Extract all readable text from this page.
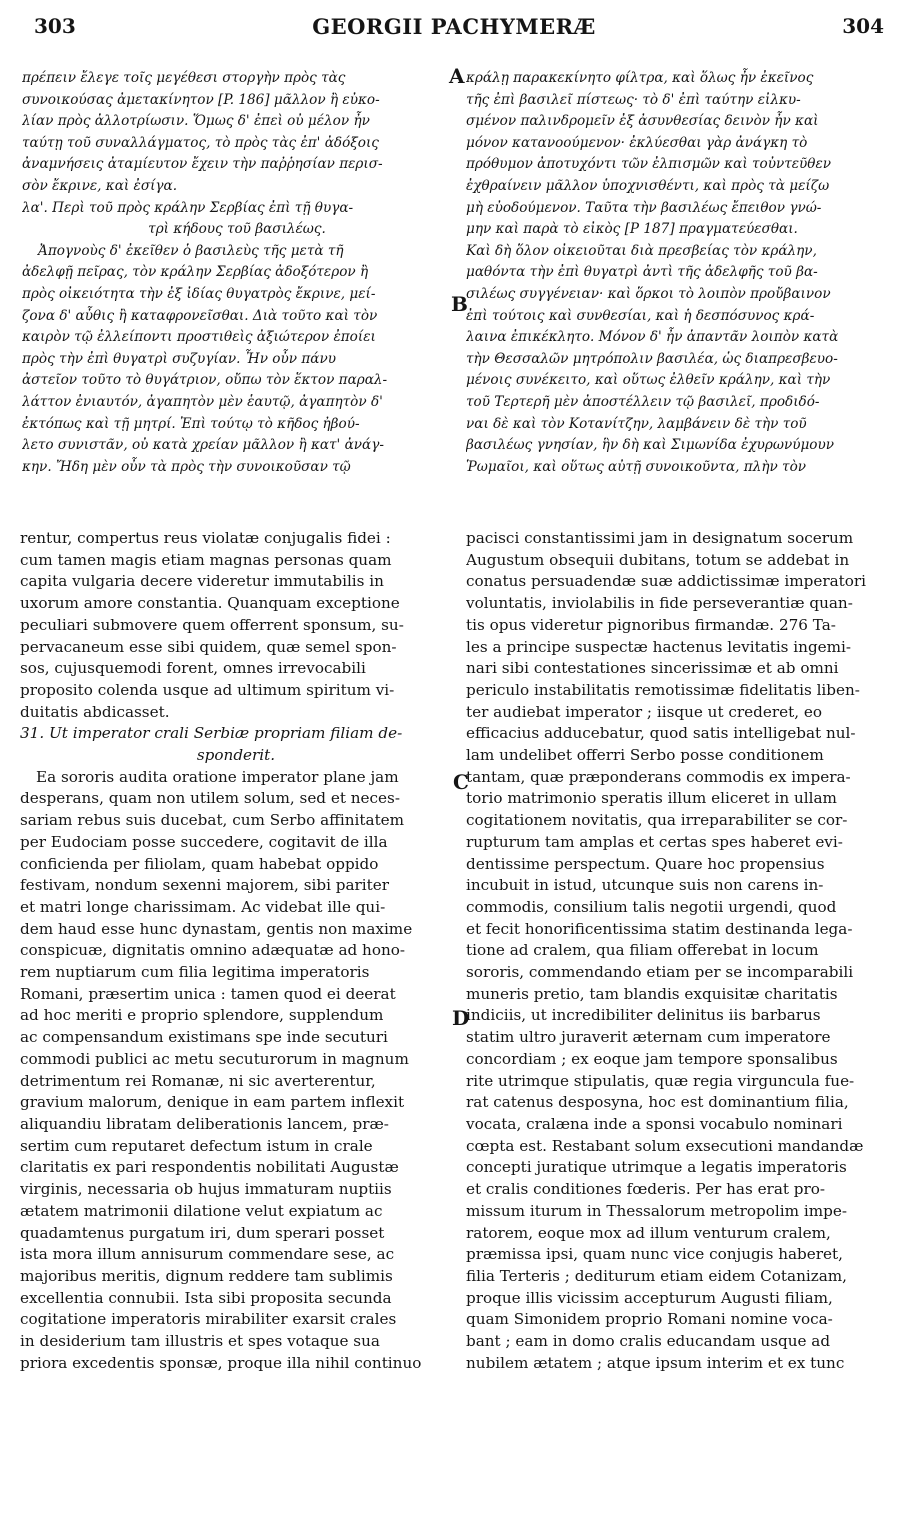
303	GEORGII PACHYMERÆ	304
πρέπειν ἔλεγε τοῖς μεγέθεσι στοργὴν πρὸς τὰς
συνοικούσας ἀμετακίνητον [P. 186] μᾶλλον ἢ εὐκο-
λίαν πρὸς ἀλλοτρίωσιν. Ὅμως δ' ἐπεὶ οὐ μέλον ἦν
ταύτῃ τοῦ συναλλάγματος, τὸ πρὸς τὰς ἐπ' ἀδόξοις
ἀναμνήσεις ἀταμίευτον ἔχειν τὴν παῤῥησίαν περισ-
σὸν ἔκρινε, καὶ ἐσίγα.
λα'. Περὶ τοῦ πρὸς κράλην Σερβίας ἐπὶ τῇ θυγα-
τρὶ κήδους τοῦ βασιλέως.
Ἀπογνοὺς δ' ἐκεῖθεν ὁ βασιλεὺς τῆς μετὰ τῆ
ἀδελφῇ πεῖρας, τὸν κράλην Σερβίας ἀδοξότερον ἢ
πρὸς οἰκειότητα τὴν ἐξ ἰδίας θυγατρὸς ἔκρινε, μεί-
ζονα δ' αὖθις ἢ καταφρονεῖσθαι. Διὰ τοῦτο καὶ τὸν
καιρὸν τῷ ἐλλείποντι προστιθεὶς ἀξιώτερον ἐποίει
πρὸς τὴν ἐπὶ θυγατρὶ συζυγίαν. Ἦν οὖν πάνυ
ἀστεῖον τοῦτο τὸ θυγάτριον, οὔπω τὸν ἕκτον παραλ-
λάττον ἐνιαυτόν, ἀγαπητὸν μὲν ἑαυτῷ, ἀγαπητὸν δ'
ἐκτόπως καὶ τῇ μητρί. Ἐπὶ τούτῳ τὸ κῆδος ἠβού-
λετο συνιστᾶν, οὐ κατὰ χρείαν μᾶλλον ἢ κατ' ἀνάγ-
κην. Ἤδη μὲν οὖν τὰ πρὸς τὴν συνοικοῦσαν τῷ
κράλῃ παρακεκίνητο φίλτρα, καὶ ὅλως ἦν ἐκεῖνος
τῆς ἐπὶ βασιλεῖ πίστεως· τὸ δ' ἐπὶ ταύτην εἰλκυ-
σμένον παλινδρομεῖν ἐξ ἀσυνθεσίας δεινὸν ἦν καὶ
μόνον κατανοούμενον· ἐκλύεσθαι γὰρ ἀνάγκη τὸ
πρόθυμον ἀποτυχόντι τῶν ἐλπισμῶν καὶ τοὐντεῦθεν
ἐχθραίνειν μᾶλλον ὑποχνισθέντι, καὶ πρὸς τὰ μείζω
μὴ εὐοδούμενον. Ταῦτα τὴν βασιλέως ἔπειθον γνώ-
μην καὶ παρὰ τὸ εἰκὸς [P 187] πραγματεύεσθαι.
Καὶ δὴ ὅλον οἰκειοῦται διὰ πρεσβείας τὸν κράλην,
μαθόντα τὴν ἐπὶ θυγατρὶ ἀντὶ τῆς ἀδελφῆς τοῦ βα-
σιλέως συγγένειαν· καὶ ὅρκοι τὸ λοιπὸν προὔβαινον
ἐπὶ τούτοις καὶ συνθεσίαι, καὶ ἡ δεσπόσυνος κρά-
λαινα ἐπικέκλητο. Μόνον δ' ἦν ἁπαντᾶν λοιπὸν κατὰ
τὴν Θεσσαλῶν μητρόπολιν βασιλέα, ὡς διαπρεσβευο-
μένοις συνέκειτο, καὶ οὕτως ἐλθεῖν κράλην, καὶ τὴν
τοῦ Τερτερῆ μὲν ἀποστέλλειν τῷ βασιλεῖ, προδιδό-
ναι δὲ καὶ τὸν Κοτανίτζην, λαμβάνειν δὲ τὴν τοῦ
βασιλέως γνησίαν, ἣν δὴ καὶ Σιμωνίδα ἐχυρωνύμουν
Ῥωμαῖοι, καὶ οὕτως αὐτῇ συνοικοῦντα, πλὴν τὸν
rentur, compertus reus violatæ conjugalis fidei :
cum tamen magis etiam magnas personas quam
capita vulgaria decere videretur immutabilis in
uxorum amore constantia. Quanquam exceptione
peculiari submovere quem offerrent sponsum, su-
pervacaneum esse sibi quidem, quæ semel spon-
sos, cujusquemodi forent, omnes irrevocabili
proposito colenda usque ad ultimum spiritum vi-
duitatis abdicasset.
31. Ut imperator crali Serbiæ propriam filiam de-
sponderit.
Ea sororis audita oratione imperator plane jam
desperans, quam non utilem solum, sed et neces-
sariam rebus suis ducebat, cum Serbo affinitatem
per Eudociam posse succedere, cogitavit de illa
conficienda per filiolam, quam habebat oppido
festivam, nondum sexenni majorem, sibi pariter
et matri longe charissimam. Ac videbat ille qui-
dem haud esse hunc dynastam, gentis non maxime
conspicuæ, dignitatis omnino adæquatæ ad hono-
rem nuptiarum cum filia legitima imperatoris
Romani, præsertim unica : tamen quod ei deerat
ad hoc meriti e proprio splendore, supplendum
ac compensandum existimans spe inde secuturi
commodi publici ac metu secuturorum in magnum
detrimentum rei Romanæ, ni sic averterentur,
gravium malorum, denique in eam partem inflexit
aliquandiu libratam deliberationis lancem, præ-
sertim cum reputaret defectum istum in crale
claritatis ex pari respondentis nobilitati Augustæ
virginis, necessaria ob hujus immaturam nuptiis
ætatem matrimonii dilatione velut expiatum ac
quadamtenus purgatum iri, dum sperari posset
ista mora illum annisurum commendare sese, ac
majoribus meritis, dignum reddere tam sublimis
excellentia connubii. Ista sibi proposita secunda
cogitatione imperatoris mirabiliter exarsit crales
in desiderium tam illustris et spes votaque sua
priora excedentis sponsæ, proque illa nihil continuo
pacisci constantissimi jam in designatum socerum
Augustum obsequii dubitans, totum se addebat in
conatus persuadendæ suæ addictissimæ imperatori
voluntatis, inviolabilis in fide perseverantiæ quan-
tis opus videretur pignoribus firmandæ. 276 Ta-
les a principe suspectæ hactenus levitatis ingemi-
nari sibi contestationes sincerissimæ et ab omni
periculo instabilitatis remotissimæ fidelitatis liben-
ter audiebat imperator ; iisque ut crederet, eo
efficacius adducebatur, quod satis intelligebat nul-
lam undelibet offerri Serbo posse conditionem
tantam, quæ præponderans commodis ex impera-
torio matrimonio speratis illum eliceret in ullam
cogitationem novitatis, qua irreparabiliter se cor-
rupturum tam amplas et certas spes haberet evi-
dentissime perspectum. Quare hoc propensius
incubuit in istud, utcunque suis non carens in-
commodis, consilium talis negotii urgendi, quod
et fecit honorificentissima statim destinanda lega-
tione ad cralem, qua filiam offerebat in locum
sororis, commendando etiam per se incomparabili
muneris pretio, tam blandis exquisitæ charitatis
indiciis, ut incredibiliter delinitus iis barbarus
statim ultro juraverit æternam cum imperatore
concordiam ; ex eoque jam tempore sponsalibus
rite utrimque stipulatis, quæ regia virguncula fue-
rat catenus desposyna, hoc est dominantium filia,
vocata, cralæna inde a sponsi vocabulo nominari
cœpta est. Restabant solum exsecutioni mandandæ
concepti juratique utrimque a legatis imperatoris
et cralis conditiones fœderis. Per has erat pro-
missum iturum in Thessalorum metropolim impe-
ratorem, eoque mox ad illum venturum cralem,
præmissa ipsi, quam nunc vice conjugis haberet,
filia Terteris ; dediturum etiam eidem Cotanizam,
proque illis vicissim accepturum Augusti filiam,
quam Simonidem proprio Romani nomine voca-
bant ; eam in domo cralis educandam usque ad
nubilem ætatem ; atque ipsum interim et ex tunc
A
B
C
D
